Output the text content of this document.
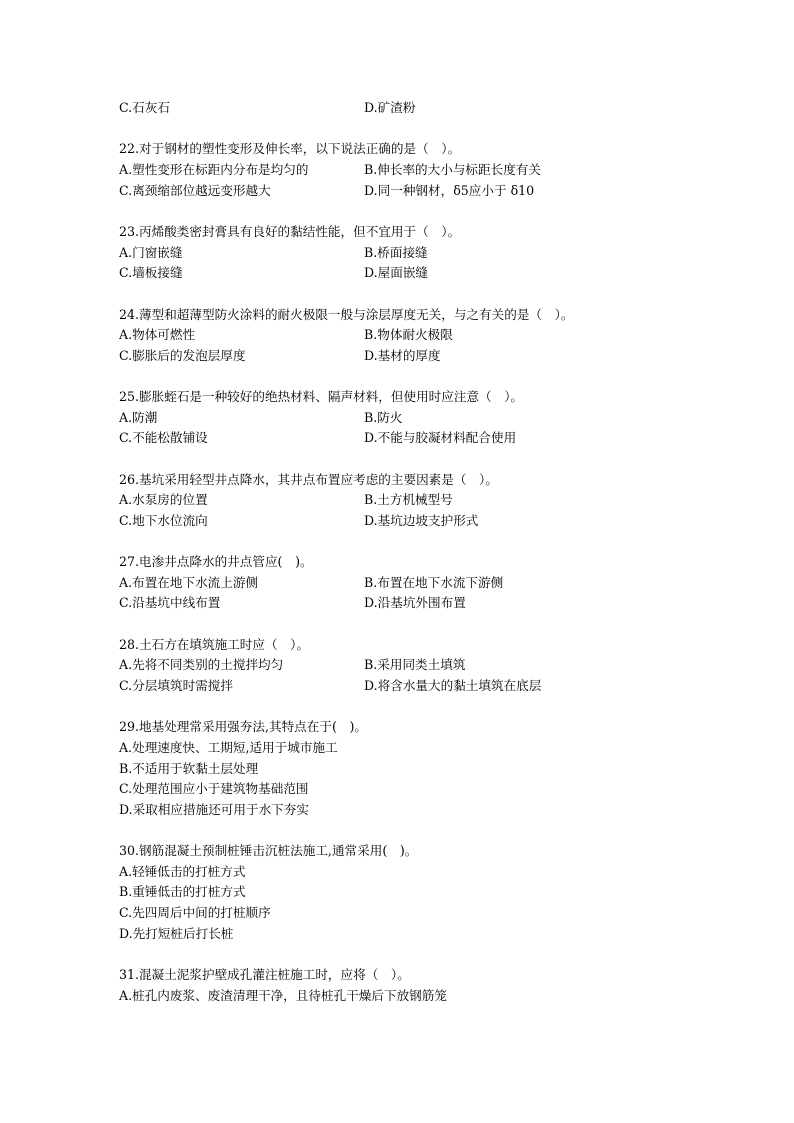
C.石灰石	D.矿渣粉
22.对于钢材的塑性变形及伸长率，以下说法正确的是（　）。
A.塑性变形在标距内分布是均匀的	B.伸长率的大小与标距长度有关
C.离颈缩部位越远变形越大	D.同一种钢材，δ5应小于 δ10
23.丙烯酸类密封膏具有良好的黏结性能，但不宜用于（　）。
A.门窗嵌缝	B.桥面接缝
C.墙板接缝	D.屋面嵌缝
24.薄型和超薄型防火涂料的耐火极限一般与涂层厚度无关，与之有关的是（　）。
A.物体可燃性	B.物体耐火极限
C.膨胀后的发泡层厚度	D.基材的厚度
25.膨胀蛭石是一种较好的绝热材料、隔声材料，但使用时应注意（　）。
A.防潮	B.防火
C.不能松散铺设	D.不能与胶凝材料配合使用
26.基坑采用轻型井点降水，其井点布置应考虑的主要因素是（　）。
A.水泵房的位置	B.土方机械型号
C.地下水位流向	D.基坑边坡支护形式
27.电渗井点降水的井点管应(　)。
A.布置在地下水流上游侧	B.布置在地下水流下游侧
C.沿基坑中线布置	D.沿基坑外围布置
28.土石方在填筑施工时应（　）。
A.先将不同类别的土搅拌均匀	B.采用同类土填筑
C.分层填筑时需搅拌	D.将含水量大的黏土填筑在底层
29.地基处理常采用强夯法,其特点在于(　)。
A.处理速度快、工期短,适用于城市施工
B.不适用于软黏土层处理
C.处理范围应小于建筑物基础范围
D.采取相应措施还可用于水下夯实
30.钢筋混凝土预制桩锤击沉桩法施工,通常采用(　)。
A.轻锤低击的打桩方式
B.重锤低击的打桩方式
C.先四周后中间的打桩顺序
D.先打短桩后打长桩
31.混凝土泥浆护壁成孔灌注桩施工时，应将（　）。
A.桩孔内废浆、废渣清理干净，且待桩孔干燥后下放钢筋笼
